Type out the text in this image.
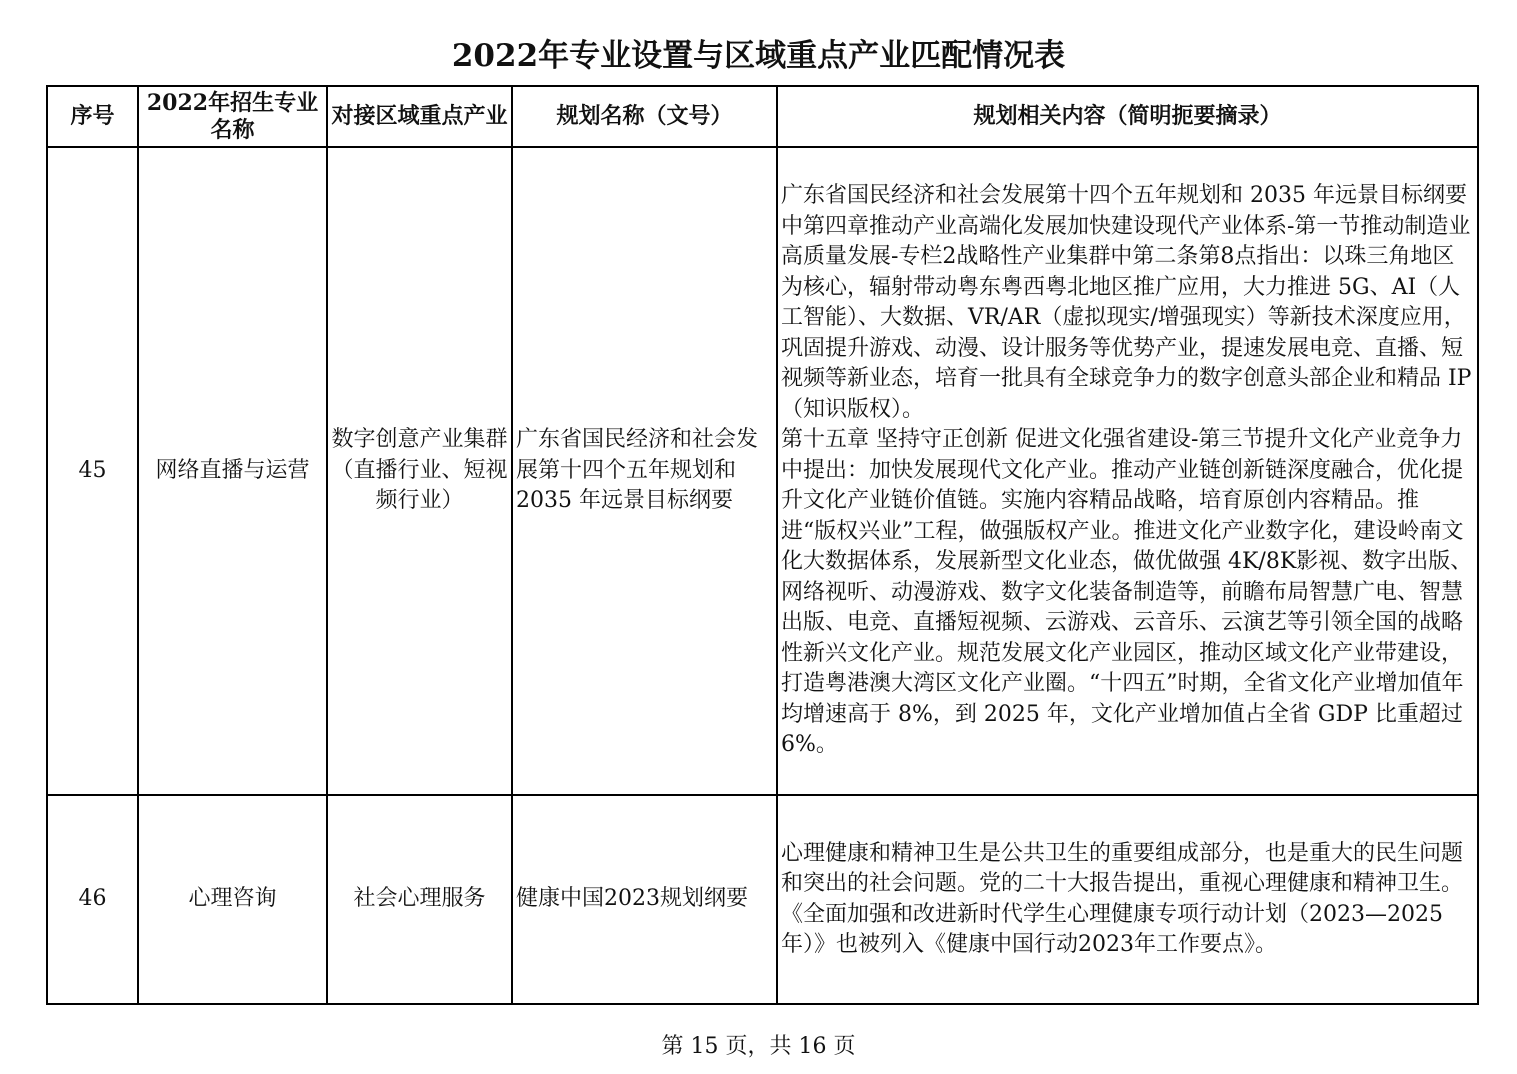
2022年专业设置与区域重点产业匹配情况表
序号	2022年招生专业名称	对接区域重点产业	规划名称（文号）	规划相关内容（简明扼要摘录）
45	网络直播与运营	数字创意产业集群（直播行业、短视频行业）	广东省国民经济和社会发展第十四个五年规划和 2035 年远景目标纲要	广东省国民经济和社会发展第十四个五年规划和 2035 年远景目标纲要中第四章推动产业高端化发展加快建设现代产业体系-第一节推动制造业高质量发展-专栏2战略性产业集群中第二条第8点指出：以珠三角地区为核心，辐射带动粤东粤西粤北地区推广应用，大力推进 5G、AI（人工智能）、大数据、VR/AR（虚拟现实/增强现实）等新技术深度应用，巩固提升游戏、动漫、设计服务等优势产业，提速发展电竞、直播、短视频等新业态，培育一批具有全球竞争力的数字创意头部企业和精品 IP（知识版权）。
第十五章 坚持守正创新 促进文化强省建设-第三节提升文化产业竞争力中提出：加快发展现代文化产业。推动产业链创新链深度融合，优化提升文化产业链价值链。实施内容精品战略，培育原创内容精品。推进“版权兴业”工程，做强版权产业。推进文化产业数字化，建设岭南文化大数据体系，发展新型文化业态，做优做强 4K/8K影视、数字出版、网络视听、动漫游戏、数字文化装备制造等，前瞻布局智慧广电、智慧出版、电竞、直播短视频、云游戏、云音乐、云演艺等引领全国的战略性新兴文化产业。规范发展文化产业园区，推动区域文化产业带建设，打造粤港澳大湾区文化产业圈。“十四五”时期，全省文化产业增加值年均增速高于 8%，到 2025 年，文化产业增加值占全省 GDP 比重超过 6%。

46	心理咨询	社会心理服务	健康中国2023规划纲要	心理健康和精神卫生是公共卫生的重要组成部分，也是重大的民生问题和突出的社会问题。党的二十大报告提出，重视心理健康和精神卫生。《全面加强和改进新时代学生心理健康专项行动计划（2023—2025年）》也被列入《健康中国行动2023年工作要点》。
第 15 页，共 16 页
